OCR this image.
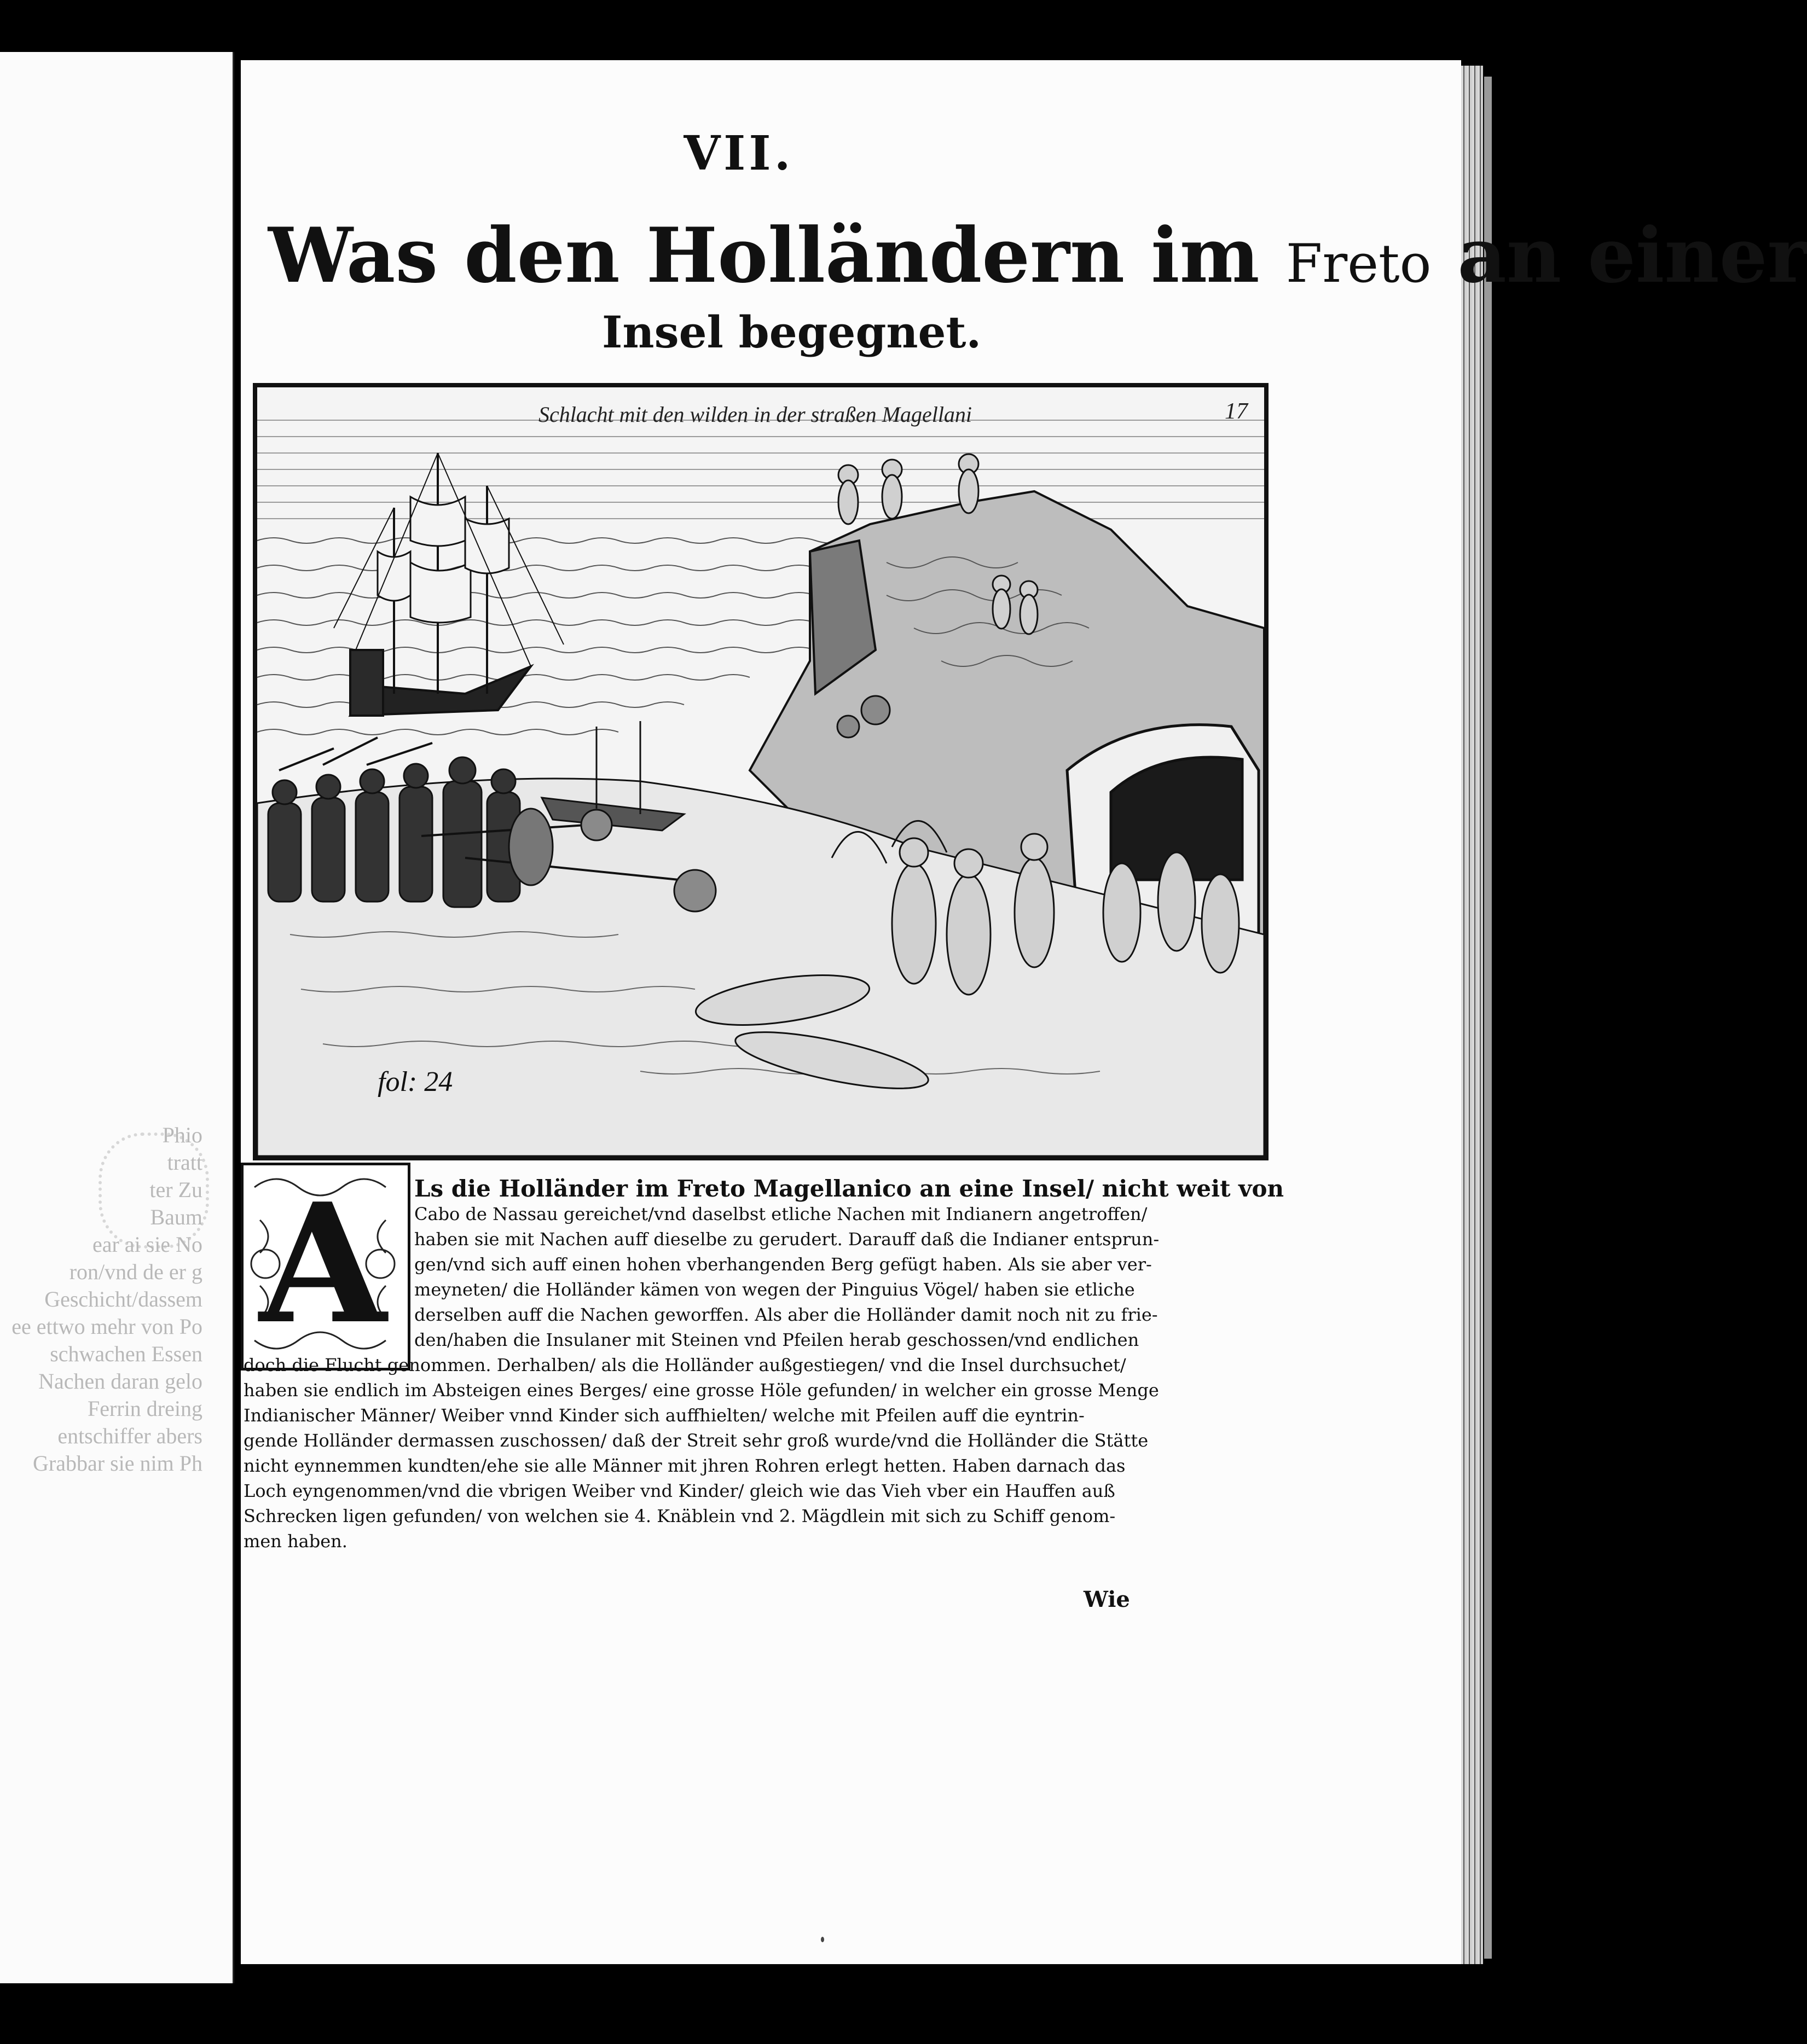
Phio
tratt
ter Zu
Baum
ear ai sie No
ron/vnd de er g
Geschicht/dassem
ee ettwo mehr von Po
schwachen Essen
Nachen daran gelo
Ferrin dreing
entschiffer abers
Grabbar sie nim Ph
VII.
Was den Holländern im Freto an einer
Insel begegnet.
Schlacht mit den wilden in der straßen Magellani	17
fol: 24
A	Ls die Holländer im Freto Magellanico an eine Insel/ nicht weit von
Cabo de Nassau gereichet/vnd daselbst etliche Nachen mit Indianern angetroffen/
haben sie mit Nachen auff dieselbe zu gerudert. Darauff daß die Indianer entsprun-
gen/vnd sich auff einen hohen vberhangenden Berg gefügt haben. Als sie aber ver-
meyneten/ die Holländer kämen von wegen der Pinguius Vögel/ haben sie etliche
derselben auff die Nachen geworffen. Als aber die Holländer damit noch nit zu frie-
den/haben die Insulaner mit Steinen vnd Pfeilen herab geschossen/vnd endlichen
doch die Flucht genommen. Derhalben/ als die Holländer außgestiegen/ vnd die Insel durchsuchet/
haben sie endlich im Absteigen eines Berges/ eine grosse Höle gefunden/ in welcher ein grosse Menge
Indianischer Männer/ Weiber vnnd Kinder sich auffhielten/ welche mit Pfeilen auff die eyntrin-
gende Holländer dermassen zuschossen/ daß der Streit sehr groß wurde/vnd die Holländer die Stätte
nicht eynnemmen kundten/ehe sie alle Männer mit jhren Rohren erlegt hetten. Haben darnach das
Loch eyngenommen/vnd die vbrigen Weiber vnd Kinder/ gleich wie das Vieh vber ein Hauffen auß
Schrecken ligen gefunden/ von welchen sie 4. Knäblein vnd 2. Mägdlein mit sich zu Schiff genom-
men haben.
Wie
